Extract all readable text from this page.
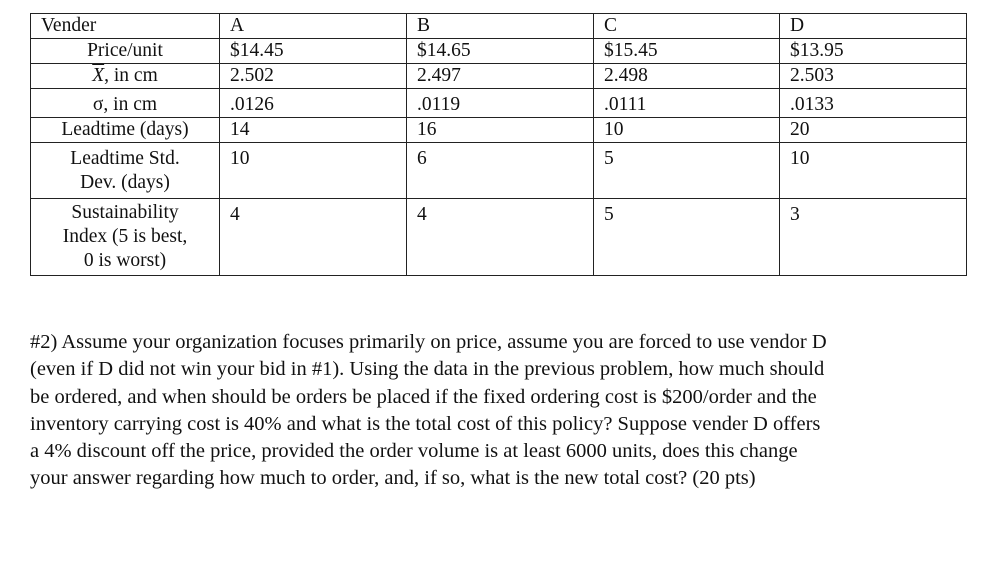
Vender	A	B	C	D
Price/unit	$14.45	$14.65	$15.45	$13.95
$\overline{X}$, in cm	2.502	2.497	2.498	2.503
σ, in cm	.0126	.0119	.0111	.0133
Leadtime (days)	14	16	10	20

Leadtime Std.
Dev. (days)	10	6	5	10

Sustainability
Index (5 is best,
0 is worst)	4	4	5	3

#2) Assume your organization focuses primarily on price, assume you are forced to use vendor D

(even if D did not win your bid in #1). Using the data in the previous problem, how much should

be ordered, and when should be orders be placed if the fixed ordering cost is $200/order and the

inventory carrying cost is 40% and what is the total cost of this policy? Suppose vender D offers

a 4% discount off the price, provided the order volume is at least 6000 units, does this change

your answer regarding how much to order, and, if so, what is the new total cost? (20 pts)
